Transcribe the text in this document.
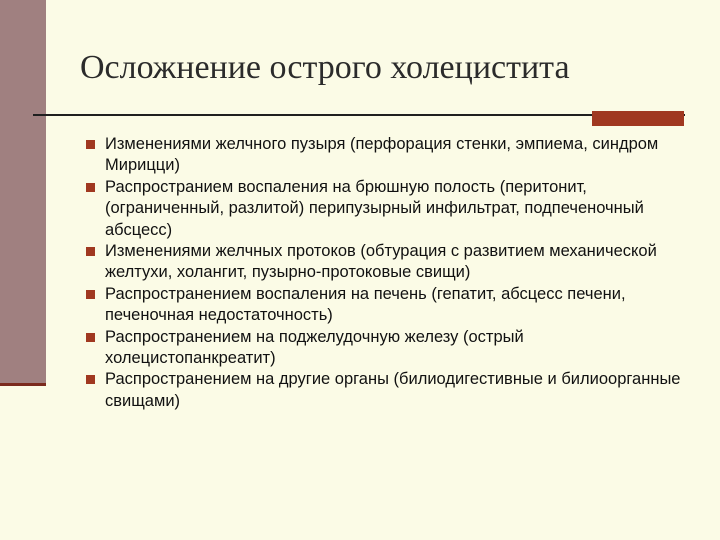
Осложнение острого холецистита
Изменениями желчного пузыря (перфорация стенки, эмпиема, синдром Мирицци)
Распространием воспаления на брюшную полость (перитонит, (ограниченный, разлитой) перипузырный инфильтрат, подпеченочный абсцесс)
Изменениями желчных протоков (обтурация с развитием механической желтухи, холангит, пузырно-протоковые свищи)
Распространением воспаления на печень (гепатит, абсцесс печени, печеночная недостаточность)
Распространением на поджелудочную железу (острый холецистопанкреатит)
Распространением на другие органы (билиодигестивные и билиоорганные свищами)
